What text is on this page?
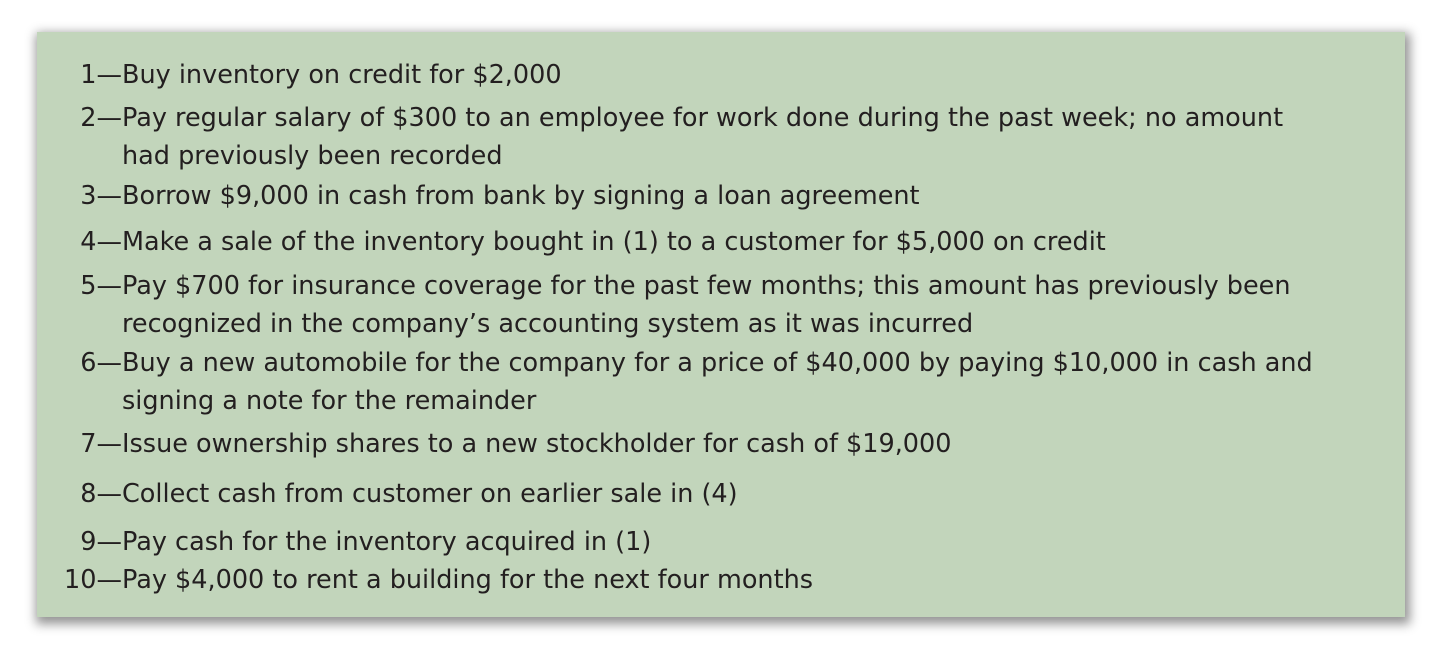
1— Buy inventory on credit for $2,000
2— Pay regular salary of $300 to an employee for work done during the past week; no amount
had previously been recorded
3— Borrow $9,000 in cash from bank by signing a loan agreement
4— Make a sale of the inventory bought in (1) to a customer for $5,000 on credit
5— Pay $700 for insurance coverage for the past few months; this amount has previously been
recognized in the company’s accounting system as it was incurred
6— Buy a new automobile for the company for a price of $40,000 by paying $10,000 in cash and
signing a note for the remainder
7— Issue ownership shares to a new stockholder for cash of $19,000
8— Collect cash from customer on earlier sale in (4)
9— Pay cash for the inventory acquired in (1)
10— Pay $4,000 to rent a building for the next four months
